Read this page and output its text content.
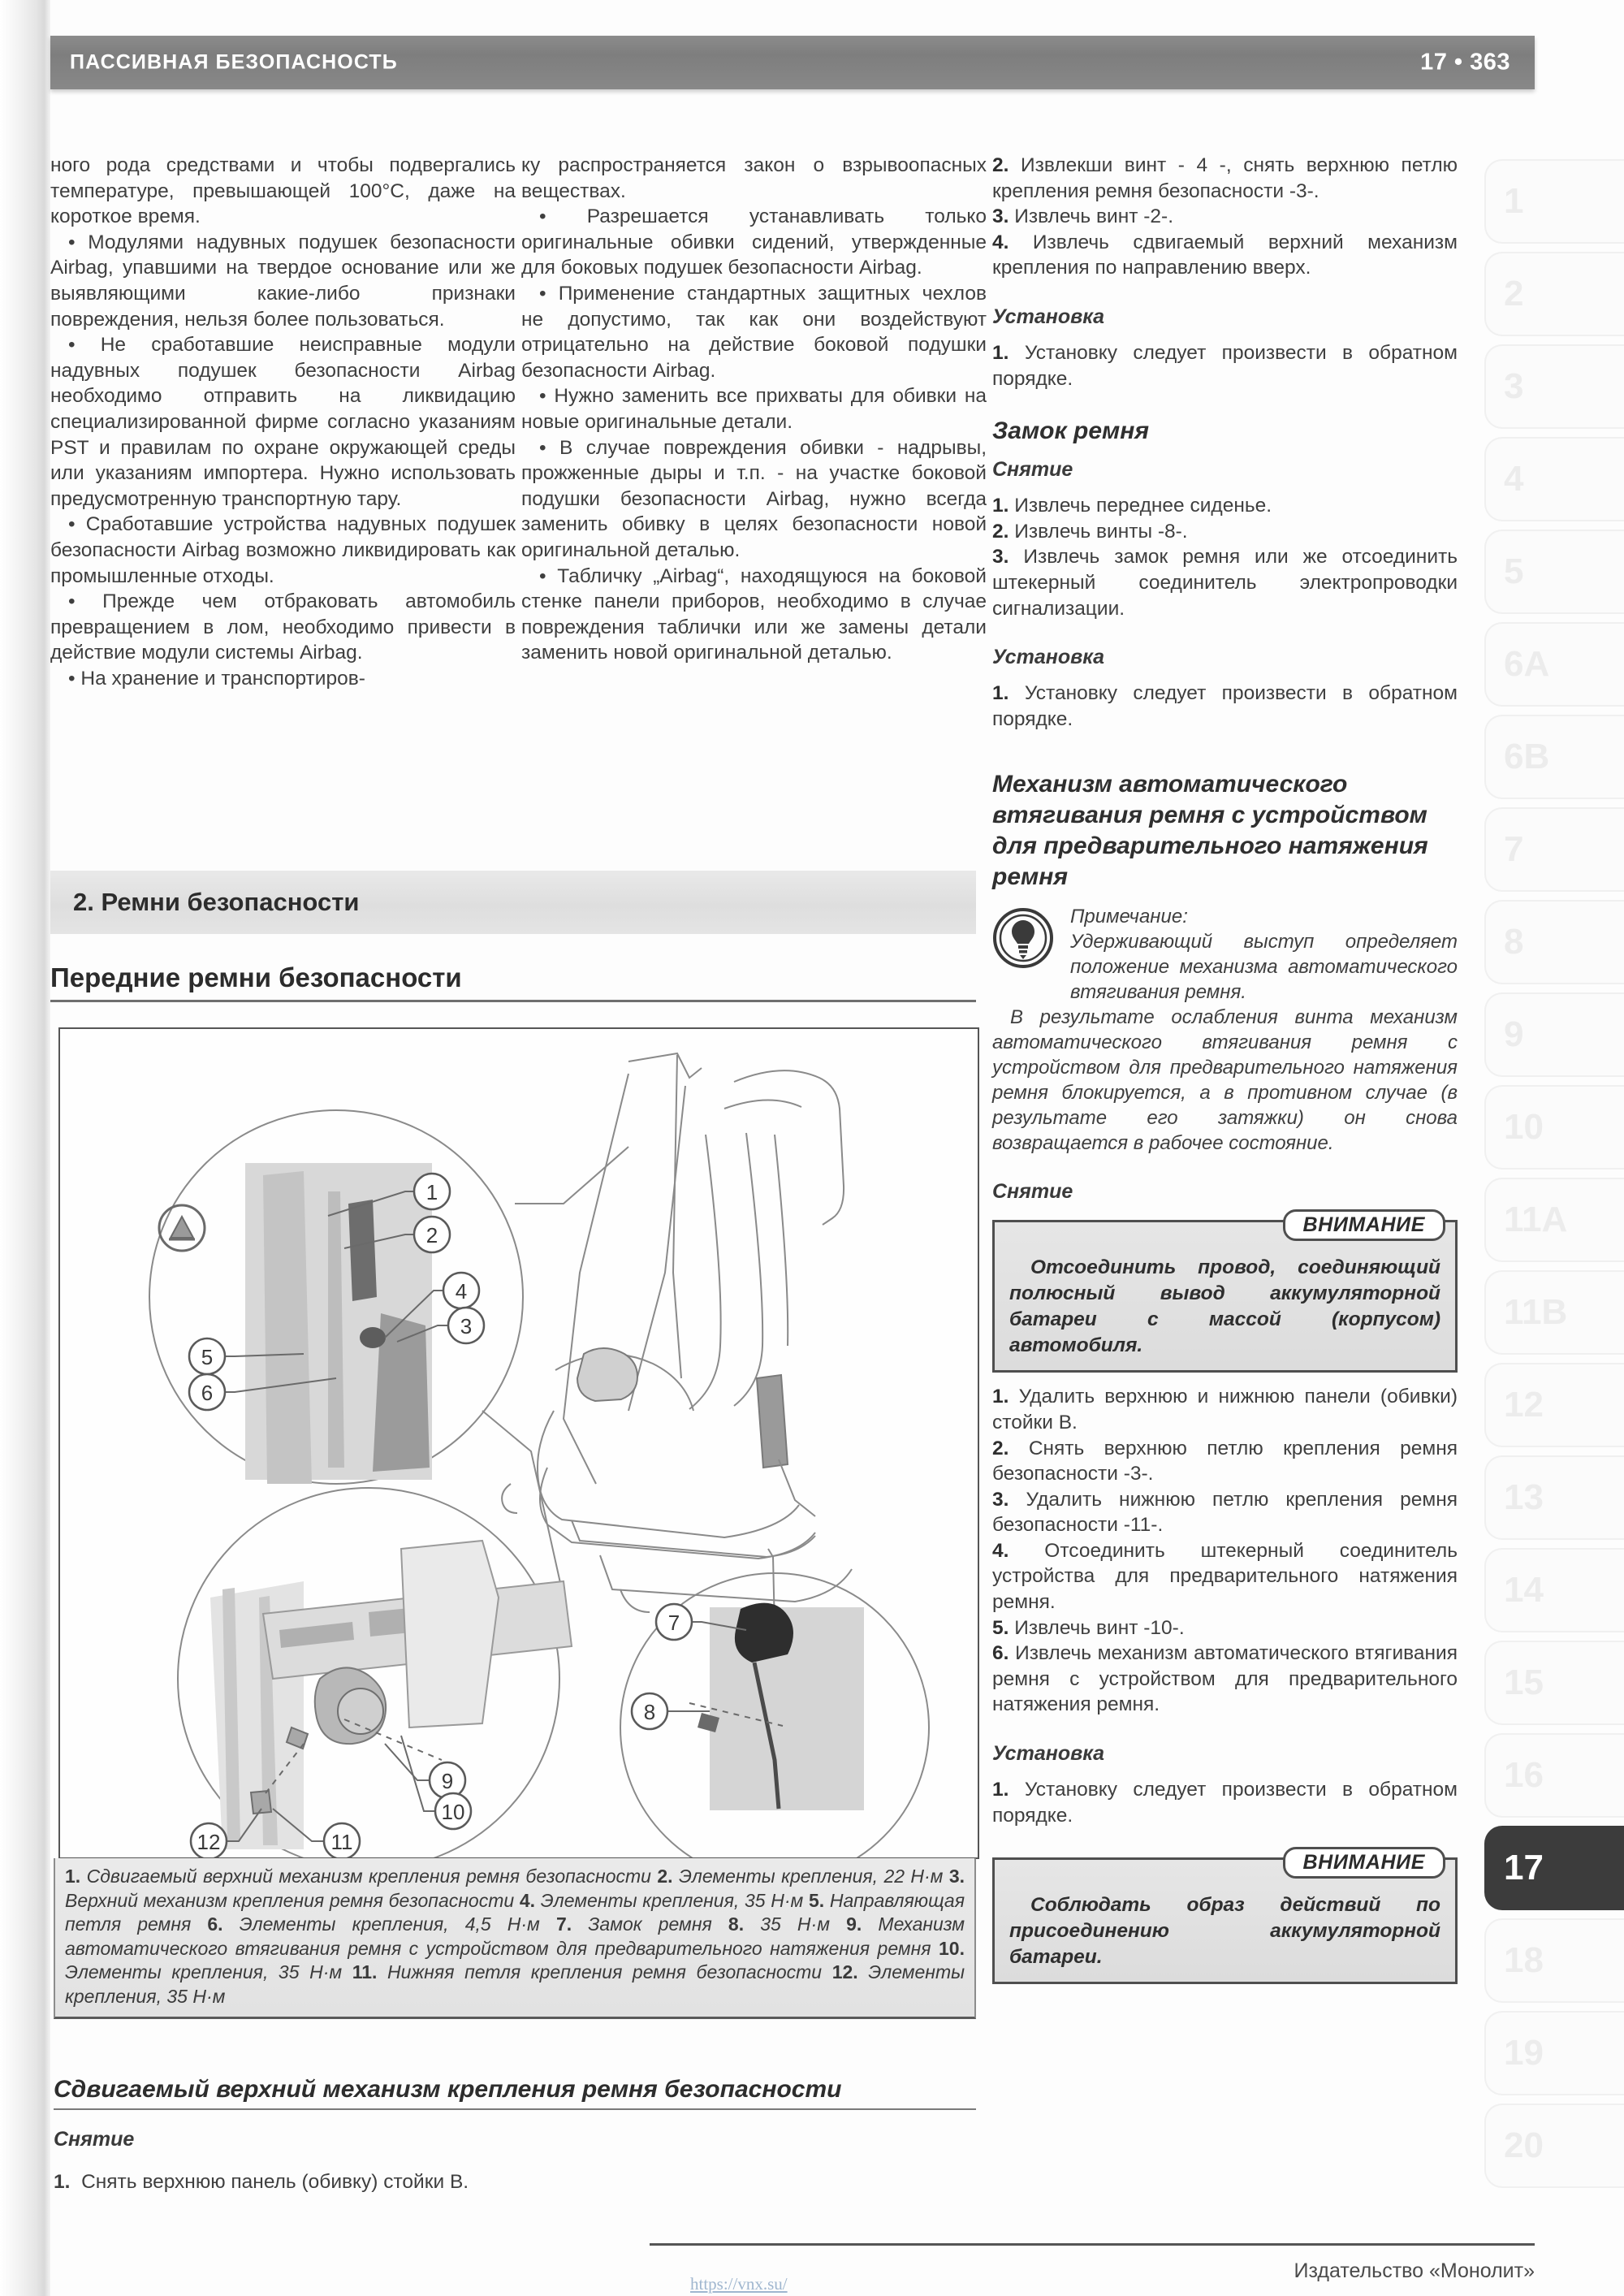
ПАССИВНАЯ БЕЗОПАСНОСТЬ	17 • 363

ного рода средствами и чтобы подвергались температуре, превышающей 100°C, даже на короткое время.

• Модулями надувных подушек безопасности Airbag, упавшими на твердое основание или же выявляющими какие-либо признаки повреждения, нельзя более пользоваться.

• Не сработавшие неисправные модули надувных подушек безопасности Airbag необходимо отправить на ликвидацию специализированной фирме согласно указаниям PST и правилам по охране окружающей среды или указаниям импортера. Нужно использовать предусмотренную транспортную тару.

• Сработавшие устройства надувных подушек безопасности Airbag возможно ликвидировать как промышленные отходы.

• Прежде чем отбраковать автомобиль превращением в лом, необходимо привести в действие модули системы Airbag.

• На хранение и транспортиров-

ку распространяется закон о взрывоопасных веществах.

• Разрешается устанавливать только оригинальные обивки сидений, утвержденные для боковых подушек безопасности Airbag.

• Применение стандартных защитных чехлов не допустимо, так как они воздействуют отрицательно на действие боковой подушки безопасности Airbag.

• Нужно заменить все прихваты для обивки на новые оригинальные детали.

• В случае повреждения обивки - надрывы, прожженные дыры и т.п. - на участке боковой подушки безопасности Airbag, нужно всегда заменить обивку в целях безопасности новой оригинальной деталью.

• Табличку „Airbag“, находящуюся на боковой стенке панели приборов, необходимо в случае повреждения таблички или же замены детали заменить новой оригинальной деталью.

2. Извлекши винт - 4 -, снять верхнюю петлю крепления ремня безопасности -3-.

3. Извлечь винт -2-.

4. Извлечь сдвигаемый верхний механизм крепления по направлению вверх.

Установка

1. Установку следует произвести в обратном порядке.

Замок ремня
Снятие

1. Извлечь переднее сиденье.

2. Извлечь винты -8-.

3. Извлечь замок ремня или же отсоединить штекерный соединитель электропроводки сигнализации.

Установка

1. Установку следует произвести в обратном порядке.

Механизм автоматического втягивания ремня с устройством для предварительного натяжения ремня
Примечание:
Удерживающий выступ определяет положение механизма автоматического втягивания ремня.

В результате ослабления винта механизм автоматического втягивания ремня с устройством для предварительного натяжения ремня блокируется, а в противном случае (в результате его затяжки) он снова возвращается в рабочее состояние.

Снятие
ВНИМАНИЕ
Отсоединить провод, соединяющий полюсный вывод аккумуляторной батареи с массой (корпусом) автомобиля.

1. Удалить верхнюю и нижнюю панели (обивки) стойки В.

2. Снять верхнюю петлю крепления ремня безопасности -3-.

3. Удалить нижнюю петлю крепления ремня безопасности -11-.

4. Отсоединить штекерный соединитель устройства для предварительного натяжения ремня.

5. Извлечь винт -10-.

6. Извлечь механизм автоматического втягивания ремня с устройством для предварительного натяжения ремня.

Установка

1. Установку следует произвести в обратном порядке.

ВНИМАНИЕ
Соблюдать образ действий по присоединению аккумуляторной батареи.
2. Ремни безопасности
Передние ремни безопасности
1
2
4
3
5
6
7
8
9
10
12	11

1. Сдвигаемый верхний механизм крепления ремня безопасности 2. Элементы крепления, 22 Н·м 3. Верхний механизм крепления ремня безопасности 4. Элементы крепления, 35 Н·м 5. Направляющая петля ремня 6. Элементы крепления, 4,5 Н·м 7. Замок ремня 8. 35 Н·м 9. Механизм автоматического втягивания ремня с устройством для предварительного натяжения ремня 10. Элементы крепления, 35 Н·м 11. Нижняя петля крепления ремня безопасности 12. Элементы крепления, 35 Н·м

Сдвигаемый верхний механизм крепления ремня безопасности
Снятие
1. Снять верхнюю панель (обивку) стойки В.
1
2
3
4
5
6A
6B
7
8
9
10
11A
11B
12
13
14
15
16
17
18
19
20
Издательство «Монолит»
https://vnx.su/
